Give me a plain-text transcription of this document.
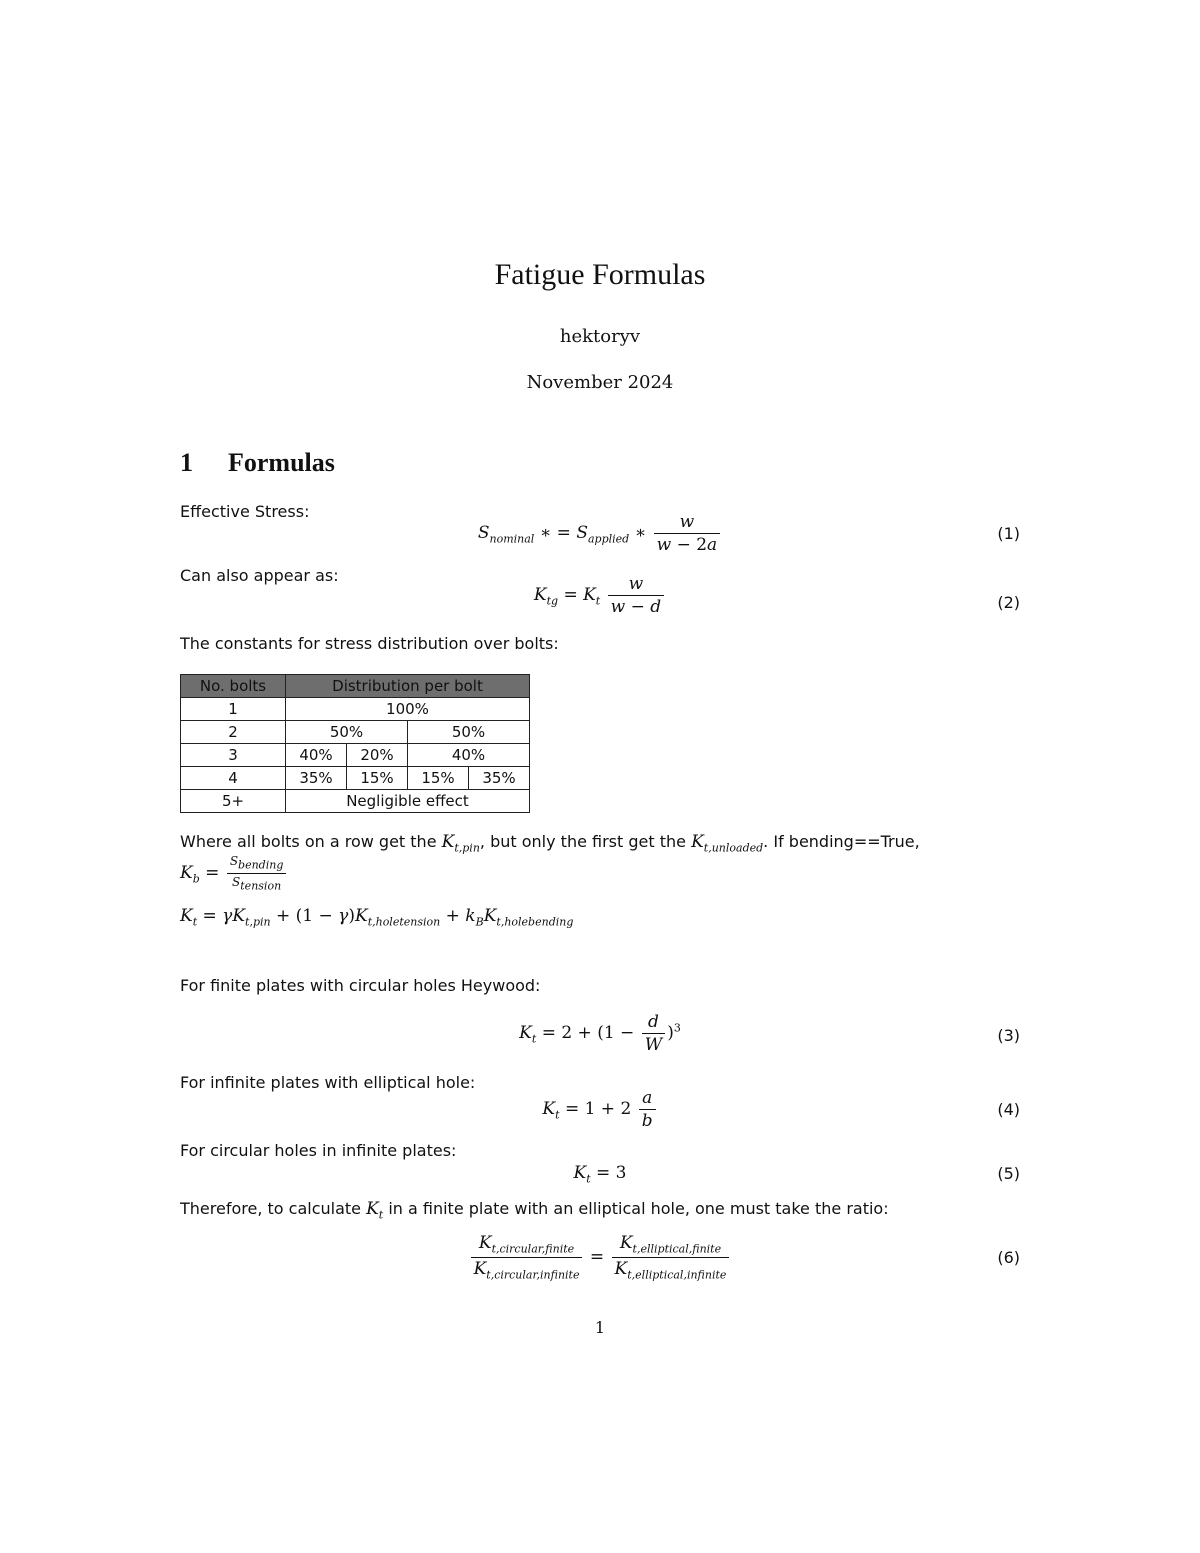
Fatigue Formulas
hektoryv
November 2024
1 Formulas
Effective Stress:
$S_{nominal}$ ∗ = $S_{applied}$ ∗ $\frac{w}{w - 2a}$	(1)
Can also appear as:
$K_{tg} = K_t \frac{w}{w - d}$	(2)
The constants for stress distribution over bolts:
No. bolts	Distribution per bolt			
1	100%			
2	50%		50%	
3	40%	20%	40%	
4	35%	15%	15%	35%
5+	Negligible effect			
Where all bolts on a row get the $K_{t,pin}$, but only the first get the $K_{t,unloaded}$. If bending==True,
$K_b = \frac{S_{bending}}{S_{tension}}$
$K_t = \gamma K_{t,pin} + (1 - \gamma)K_{t,holetension} + k_BK_{t,holebending}$
For finite plates with circular holes Heywood:
$K_t = 2 + (1 - \frac{d}{W} )^3$	(3)
For infinite plates with elliptical hole:
$K_t = 1 + 2 \frac{a}{b}$	(4)
For circular holes in infinite plates:
$K_t = 3$	(5)
Therefore, to calculate $K_t$ in a finite plate with an elliptical hole, one must take the ratio:
$\frac{K_{t,circular,finite}}{K_{t,circular,infinite}} = \frac{K_{t,elliptical,finite}}{K_{t,elliptical,infinite}}$	(6)
1
